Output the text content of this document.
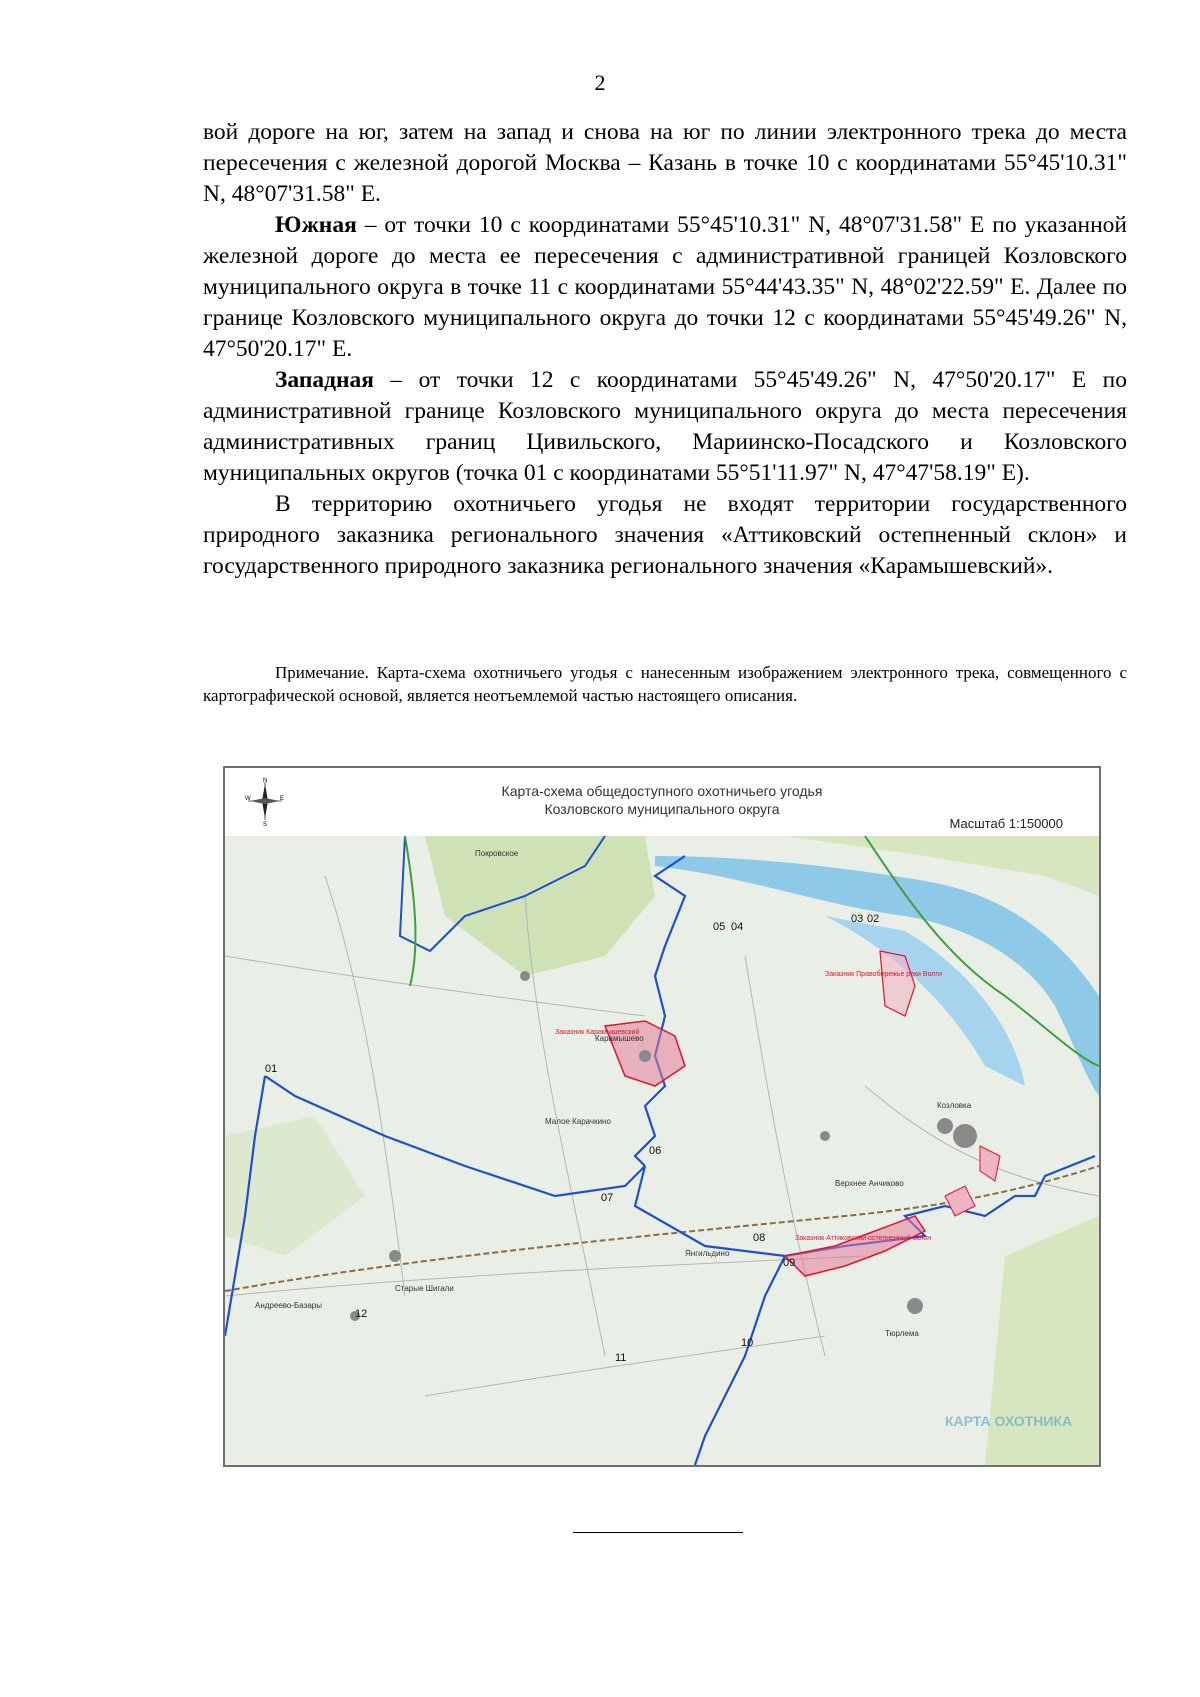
2

вой дороге на юг, затем на запад и снова на юг по линии электронного трека до места пересечения с железной дорогой Москва – Казань в точке 10 с координатами 55°45'10.31" N, 48°07'31.58" E.

Южная – от точки 10 с координатами 55°45'10.31" N, 48°07'31.58" E по указанной железной дороге до места ее пересечения с административной границей Козловского муниципального округа в точке 11 с координатами 55°44'43.35" N, 48°02'22.59" E. Далее по границе Козловского муниципального округа до точки 12 с координатами 55°45'49.26" N, 47°50'20.17" E.

Западная – от точки 12 с координатами 55°45'49.26" N, 47°50'20.17" E по административной границе Козловского муниципального округа до места пересечения административных границ Цивильского, Мариинско-Посадского и Козловского муниципальных округов (точка 01 с координатами 55°51'11.97" N, 47°47'58.19" E).

В территорию охотничьего угодья не входят территории государственного природного заказника регионального значения «Аттиковский остепненный склон» и государственного природного заказника регионального значения «Карамышевский».

Примечание. Карта-схема охотничьего угодья с нанесенным изображением электронного трека, совмещенного с картографической основой, является неотъемлемой частью настоящего описания.
N
S
W	E	Карта-схема общедоступного охотничьего угодья
Козловского муниципального округа
Масштаб 1:150000
01
02
03
04
05
06
07
08
09
10
11
12
Козловка
Покровское
Верхнее Анчиково
Андреево-Базары
Старые Шигали
Малое Карачкино
Тюрлема
Карамышево
Янгильдино
Заказник Правобережье реки Волги
Заказник Аттиковский остепненный склон
Заказник Карамышевский
КАРТА ОХОТНИКА
